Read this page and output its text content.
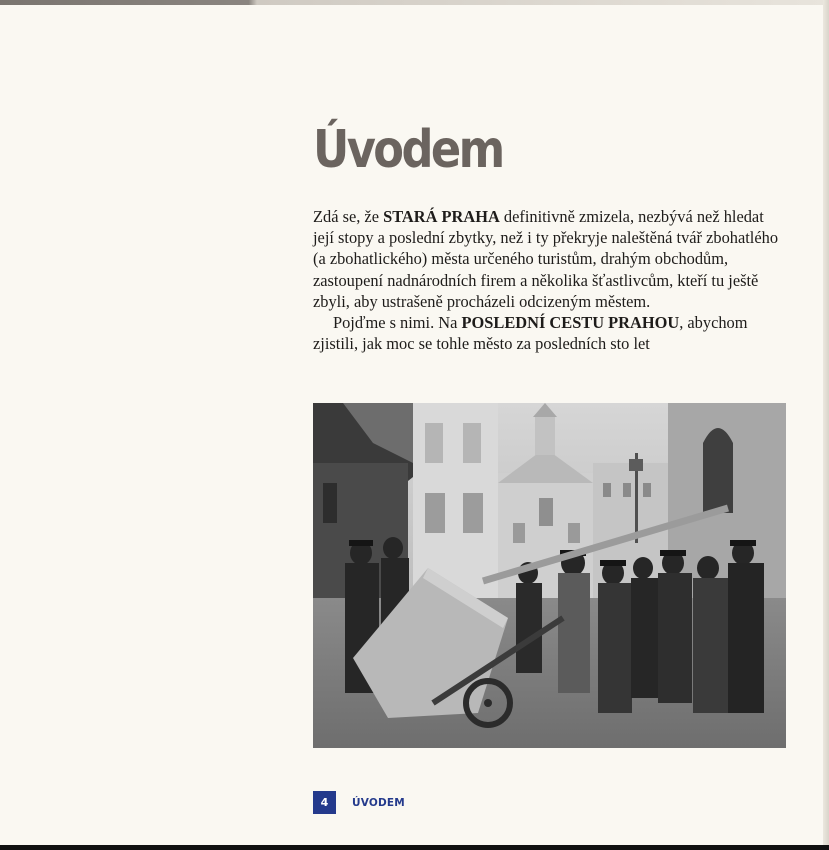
Úvodem

Zdá se, že STARÁ PRAHA definitivně zmizela, nezbývá než hledat její stopy a poslední zbytky, než i ty překryje naleštěná tvář zbohatlého (a zbohatlického) města určeného turistům, drahým obchodům, zastoupení nadnárodních firem a několika šťastlivcům, kteří tu ještě zbyli, aby ustrašeně procházeli odcizeným městem.

Pojďme s nimi. Na POSLEDNÍ CESTU PRAHOU, abychom zjistili, jak moc se tohle město za posledních sto let

4	ÚVODEM
